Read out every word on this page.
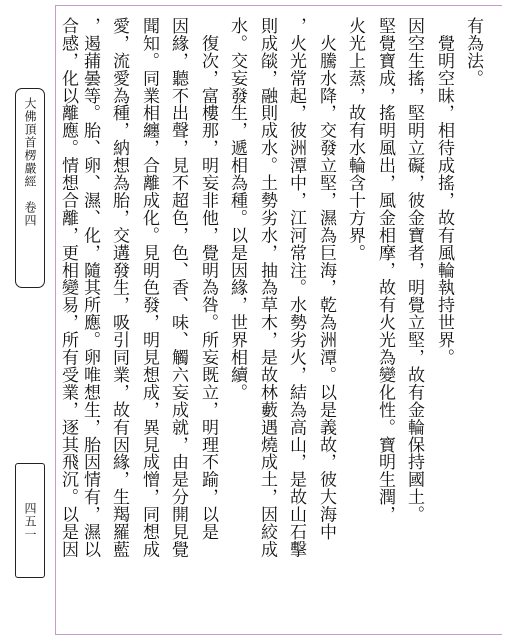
大佛頂首楞嚴經　卷四
四五一
有為法。
　覺明空昧，相待成搖，故有風輪執持世界。
因空生搖，堅明立礙，彼金寶者，明覺立堅，故有金輪保持國土。
堅覺寶成，搖明風出，風金相摩，故有火光為變化性。寶明生潤，
火光上蒸，故有水輪含十方界。
　火騰水降，交發立堅，濕為巨海，乾為洲潭。以是義故，彼大海中
，火光常起，彼洲潭中，江河常注。水勢劣火，結為高山，是故山石擊
則成燄，融則成水。土勢劣水，抽為草木，是故林藪遇燒成土，因絞成
水。交妄發生，遞相為種。以是因緣，世界相續。
　復次，富樓那，明妄非他，覺明為咎。所妄既立，明理不踰，以是
因緣，聽不出聲，見不超色，色、香、味、觸六妄成就，由是分開見覺
聞知。同業相纏，合離成化。見明色發，明見想成，異見成憎，同想成
愛，流愛為種，納想為胎，交遘發生，吸引同業，故有因緣，生羯羅藍
，遏蒱曇等。胎、卵、濕、化，隨其所應。卵唯想生，胎因情有，濕以
合感，化以離應。情想合離，更相變易，所有受業，逐其飛沉。以是因
